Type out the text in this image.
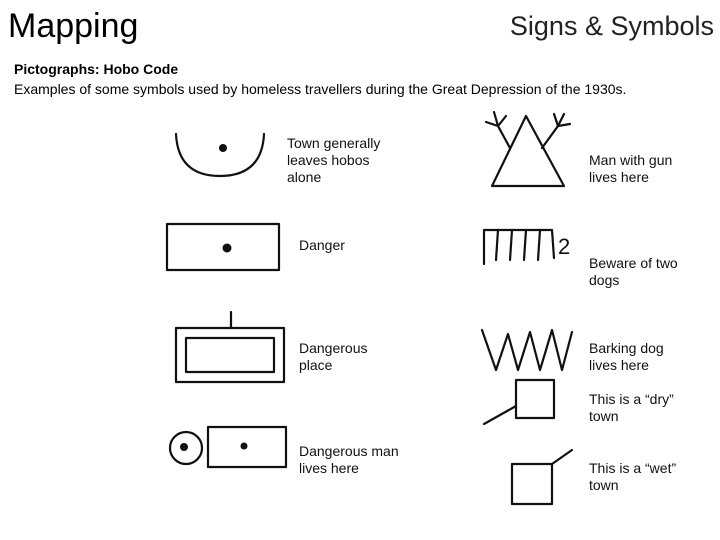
Mapping	Signs & Symbols
Pictographs: Hobo Code
Examples of some symbols used by homeless travellers during the Great Depression of the 1930s.
Town generally
leaves hobos
alone
Danger
Dangerous
place
Dangerous man
lives here
Man with gun
lives here
2
Beware of two
dogs
Barking dog
lives here
This is a “dry”
town
This is a “wet”
town
